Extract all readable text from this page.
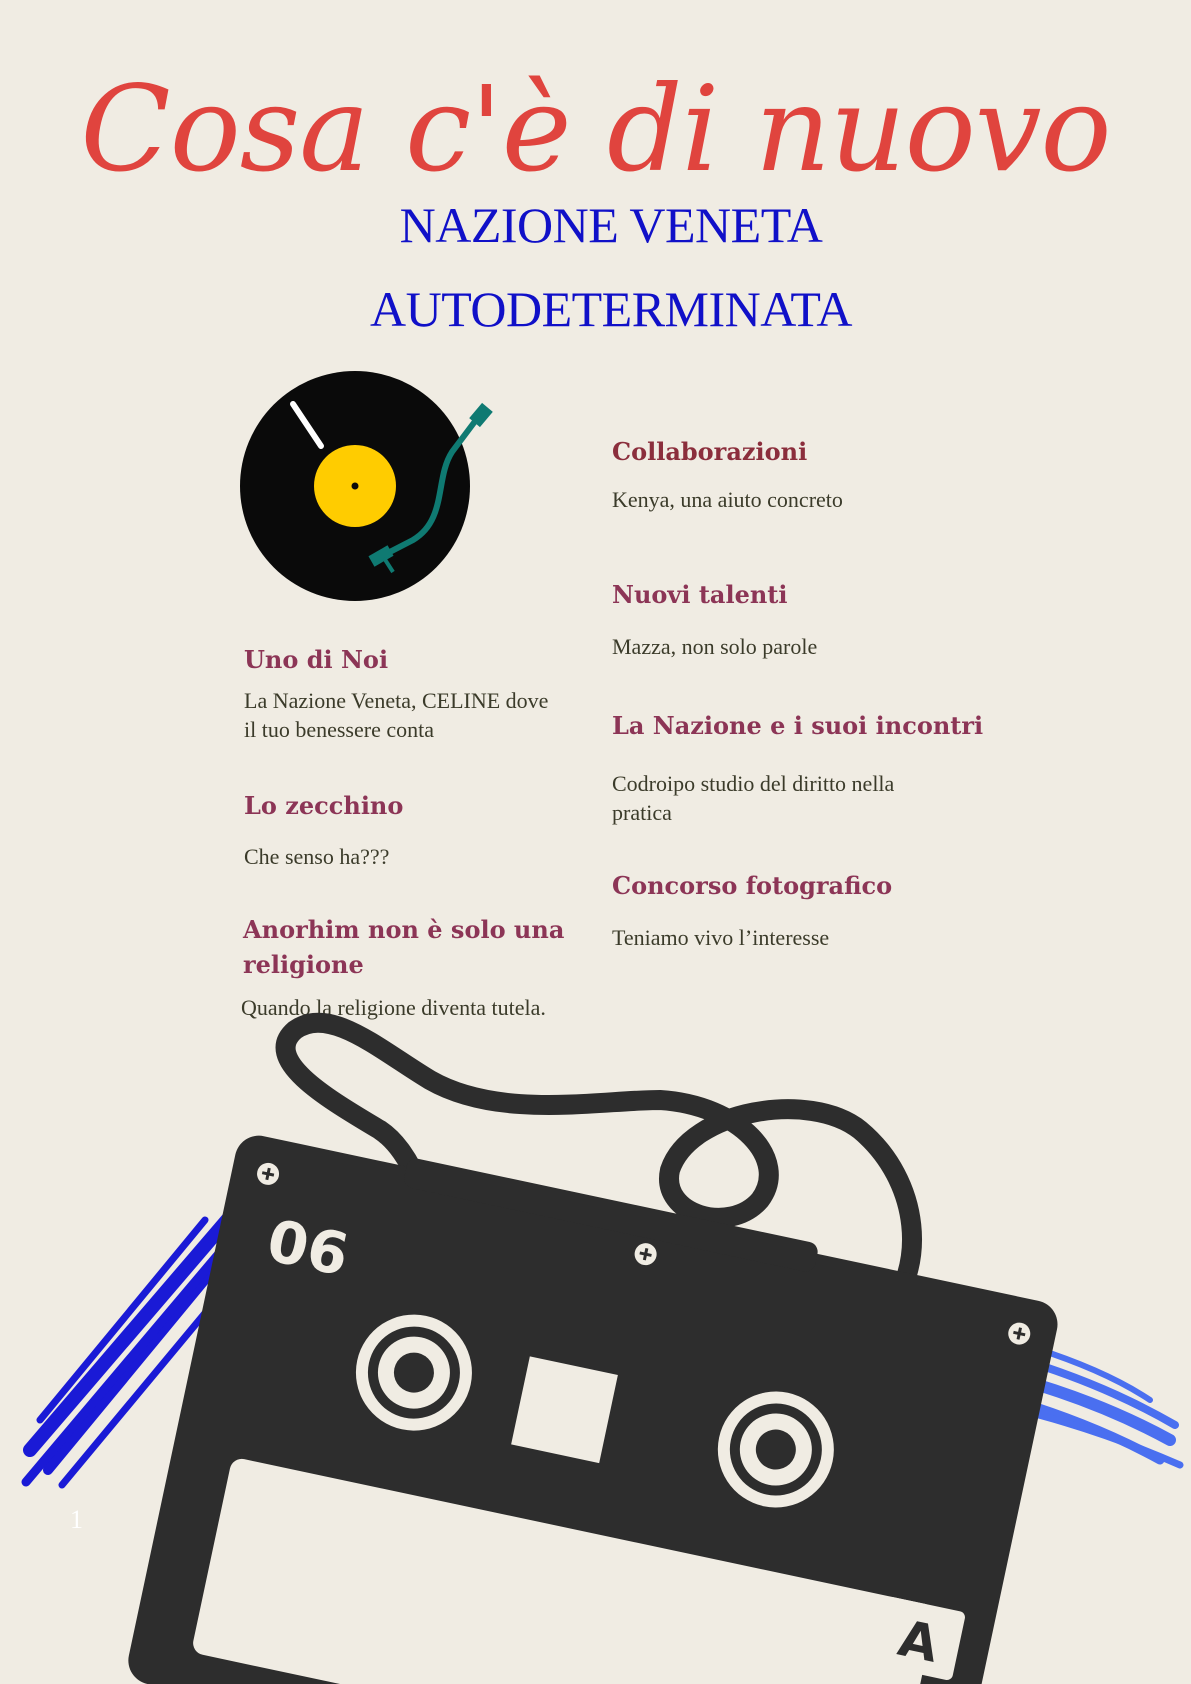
Cosa c'è di nuovo
NAZIONE VENETA
AUTODETERMINATA
Uno di Noi
La Nazione Veneta, CELINE dove
il tuo benessere conta
Lo zecchino
Che senso ha???
Anorhim non è solo una
religione
Quando la religione diventa tutela.
Collaborazioni
Kenya, una aiuto concreto
Nuovi talenti
Mazza, non solo parole
La Nazione e i suoi incontri
Codroipo studio del diritto nella
pratica
Concorso fotografico
Teniamo vivo l’interesse
06
A
1
